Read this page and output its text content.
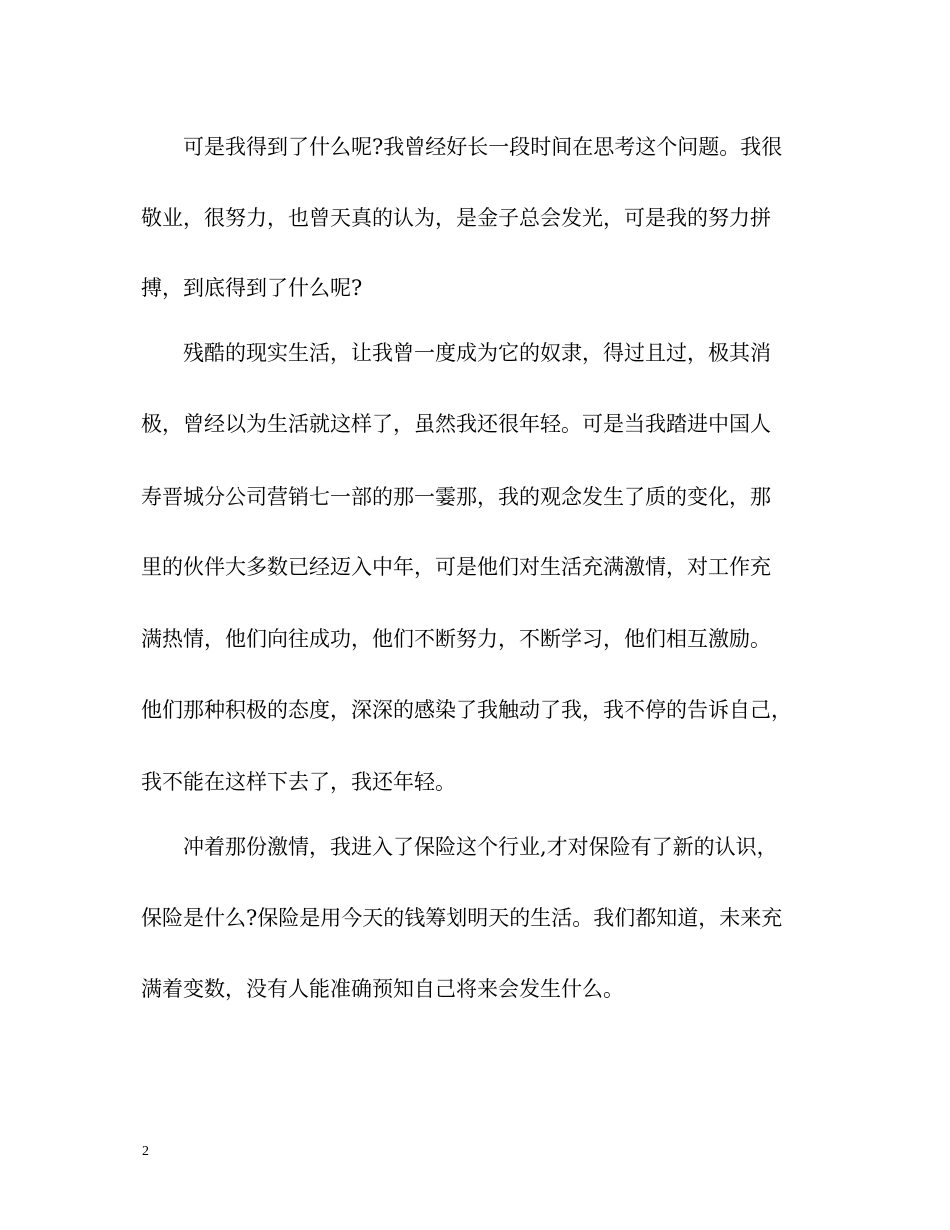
可是我得到了什么呢?我曾经好长一段时间在思考这个问题。我很
敬业，很努力，也曾天真的认为，是金子总会发光，可是我的努力拼
搏，到底得到了什么呢?
残酷的现实生活，让我曾一度成为它的奴隶，得过且过，极其消
极，曾经以为生活就这样了，虽然我还很年轻。可是当我踏进中国人
寿晋城分公司营销七一部的那一霎那，我的观念发生了质的变化，那
里的伙伴大多数已经迈入中年，可是他们对生活充满激情，对工作充
满热情，他们向往成功，他们不断努力，不断学习，他们相互激励。
他们那种积极的态度，深深的感染了我触动了我，我不停的告诉自己，
我不能在这样下去了，我还年轻。
冲着那份激情，我进入了保险这个行业,才对保险有了新的认识，
保险是什么?保险是用今天的钱筹划明天的生活。我们都知道，未来充
满着变数，没有人能准确预知自己将来会发生什么。
2
